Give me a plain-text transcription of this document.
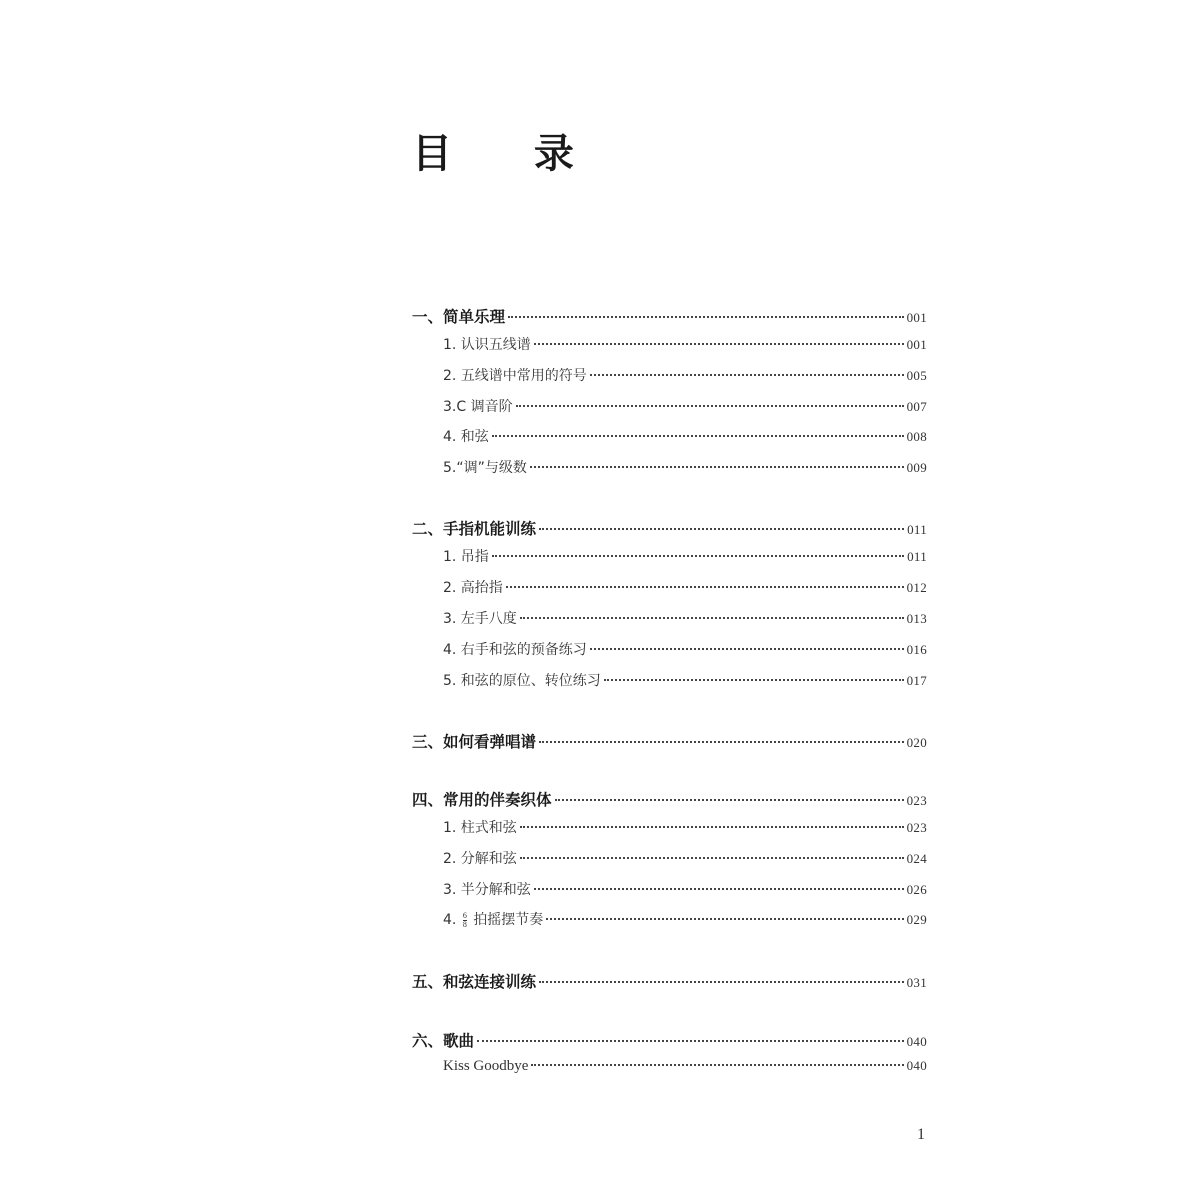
目 录
一、简单乐理	001
1. 认识五线谱	001
2. 五线谱中常用的符号	005
3.C 调音阶	007
4. 和弦	008
5.“调”与级数	009
二、手指机能训练	011
1. 吊指	011
2. 高抬指	012
3. 左手八度	013
4. 右手和弦的预备练习	016
5. 和弦的原位、转位练习	017
三、如何看弹唱谱	020
四、常用的伴奏织体	023
1. 柱式和弦	023
2. 分解和弦	024
3. 半分解和弦	026
4. $\frac{6}{8}$ 拍摇摆节奏	029
五、和弦连接训练	031
六、歌曲	040
Kiss Goodbye	040
1
